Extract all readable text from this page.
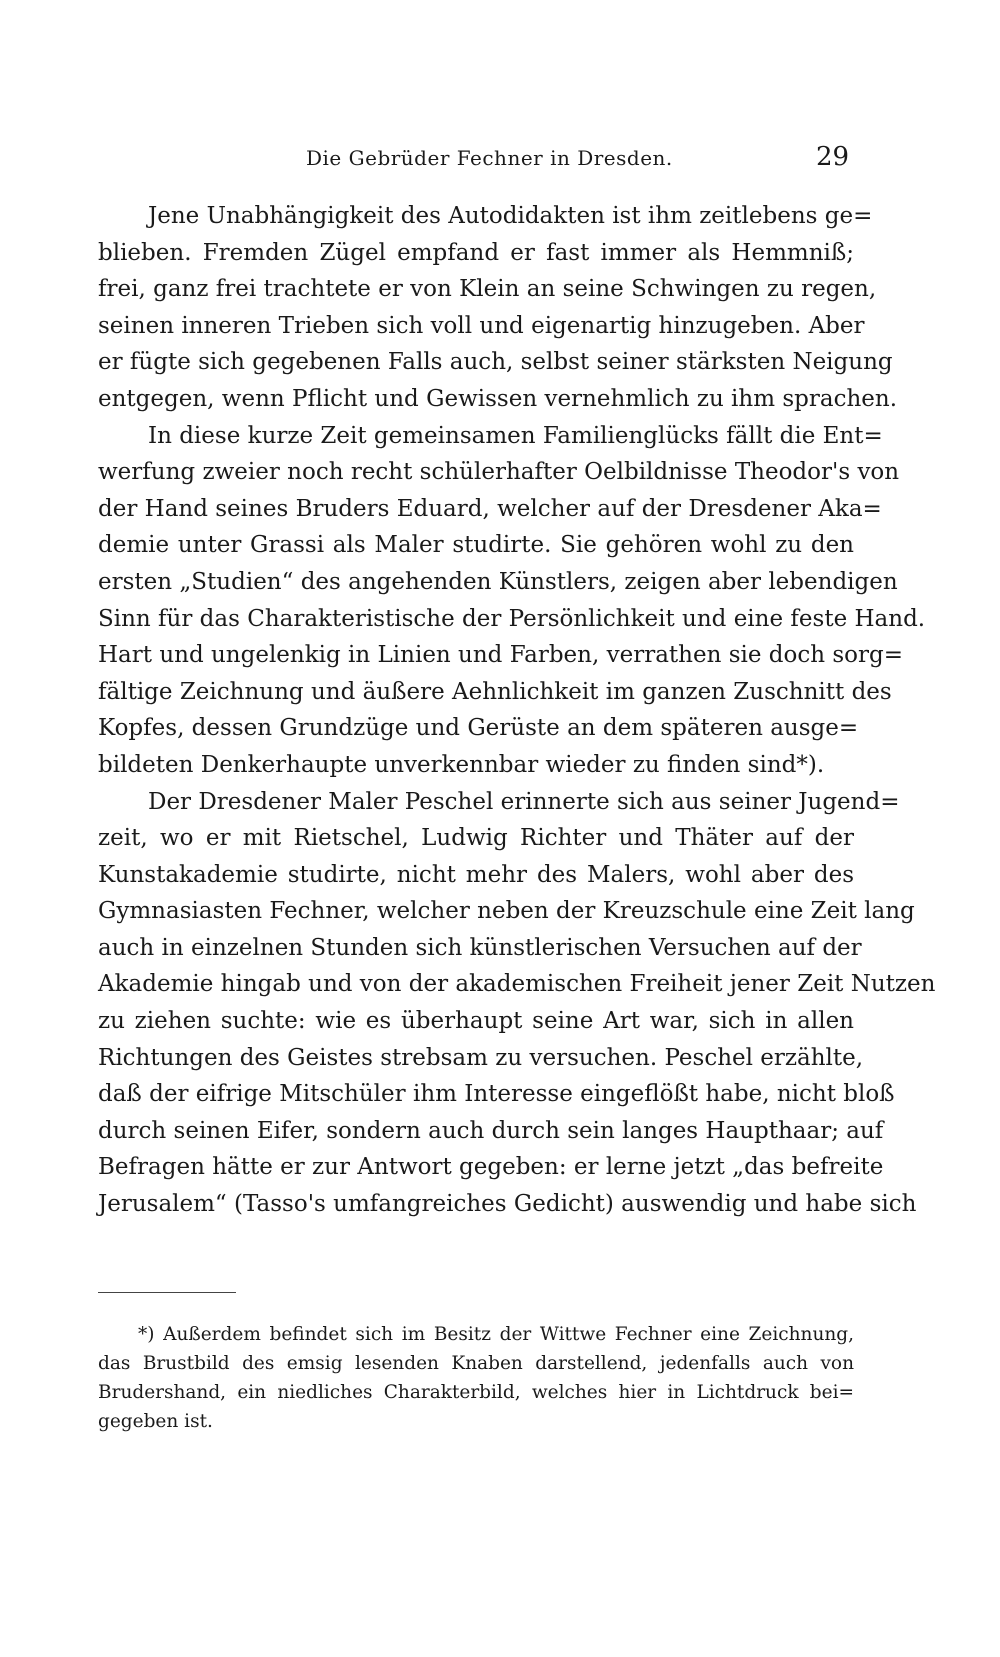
Die Gebrüder Fechner in Dresden.	29
Jene Unabhängigkeit des Autodidakten ist ihm zeitlebens ge=
blieben. Fremden Zügel empfand er fast immer als Hemmniß;
frei, ganz frei trachtete er von Klein an seine Schwingen zu regen,
seinen inneren Trieben sich voll und eigenartig hinzugeben. Aber
er fügte sich gegebenen Falls auch, selbst seiner stärksten Neigung
entgegen, wenn Pflicht und Gewissen vernehmlich zu ihm sprachen.
In diese kurze Zeit gemeinsamen Familienglücks fällt die Ent=
werfung zweier noch recht schülerhafter Oelbildnisse Theodor's von
der Hand seines Bruders Eduard, welcher auf der Dresdener Aka=
demie unter Grassi als Maler studirte. Sie gehören wohl zu den
ersten „Studien“ des angehenden Künstlers, zeigen aber lebendigen
Sinn für das Charakteristische der Persönlichkeit und eine feste Hand.
Hart und ungelenkig in Linien und Farben, verrathen sie doch sorg=
fältige Zeichnung und äußere Aehnlichkeit im ganzen Zuschnitt des
Kopfes, dessen Grundzüge und Gerüste an dem späteren ausge=
bildeten Denkerhaupte unverkennbar wieder zu finden sind*).
Der Dresdener Maler Peschel erinnerte sich aus seiner Jugend=
zeit, wo er mit Rietschel, Ludwig Richter und Thäter auf der
Kunstakademie studirte, nicht mehr des Malers, wohl aber des
Gymnasiasten Fechner, welcher neben der Kreuzschule eine Zeit lang
auch in einzelnen Stunden sich künstlerischen Versuchen auf der
Akademie hingab und von der akademischen Freiheit jener Zeit Nutzen
zu ziehen suchte: wie es überhaupt seine Art war, sich in allen
Richtungen des Geistes strebsam zu versuchen. Peschel erzählte,
daß der eifrige Mitschüler ihm Interesse eingeflößt habe, nicht bloß
durch seinen Eifer, sondern auch durch sein langes Haupthaar; auf
Befragen hätte er zur Antwort gegeben: er lerne jetzt „das befreite
Jerusalem“ (Tasso's umfangreiches Gedicht) auswendig und habe sich
*) Außerdem befindet sich im Besitz der Wittwe Fechner eine Zeichnung,
das Brustbild des emsig lesenden Knaben darstellend, jedenfalls auch von
Brudershand, ein niedliches Charakterbild, welches hier in Lichtdruck bei=
gegeben ist.
